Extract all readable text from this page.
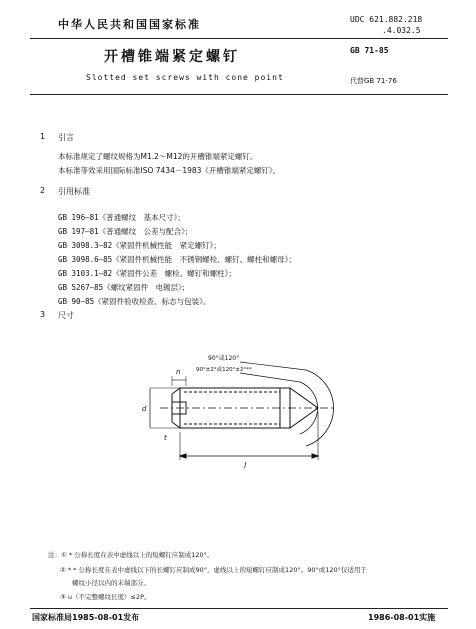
中华人民共和国国家标准	UDC 621.882.218
.4.032.5
开槽锥端紧定螺钉	GB 71-85
Slotted set screws with cone point	代替GB 71-76
1 引言
本标准规定了螺纹规格为M1.2～M12的开槽锥端紧定螺钉。
本标准等效采用国际标准ISO 7434－1983《开槽锥端紧定螺钉》。
2 引用标准
GB 196—81《普通螺纹　基本尺寸》；
GB 197—81《普通螺纹　公差与配合》；
GB 3098.3—82《紧固件机械性能　紧定螺钉》；
GB 3098.6—85《紧固件机械性能　不锈钢螺栓、螺钉、螺柱和螺母》；
GB 3103.1—82《紧固件公差　螺栓、螺钉和螺柱》；
GB 5267—85《螺纹紧固件　电镀层》；
GB 90—85《紧固件验收检查、标志与包装》。
3 尺寸
90°或120°
90°±2°或120°±2°**
l
n
t
d
注：① * 公称长度在表中虚线以上的短螺钉应制成120°。
② * * 公称长度在表中虚线以下的长螺钉应制成90°，虚线以上的短螺钉应制成120°。90°或120°仅适用于
螺纹小径以内的末端部分。
③ u（不完整螺纹长度）≤2P。
国家标准局1985-08-01发布	1986-08-01实施
